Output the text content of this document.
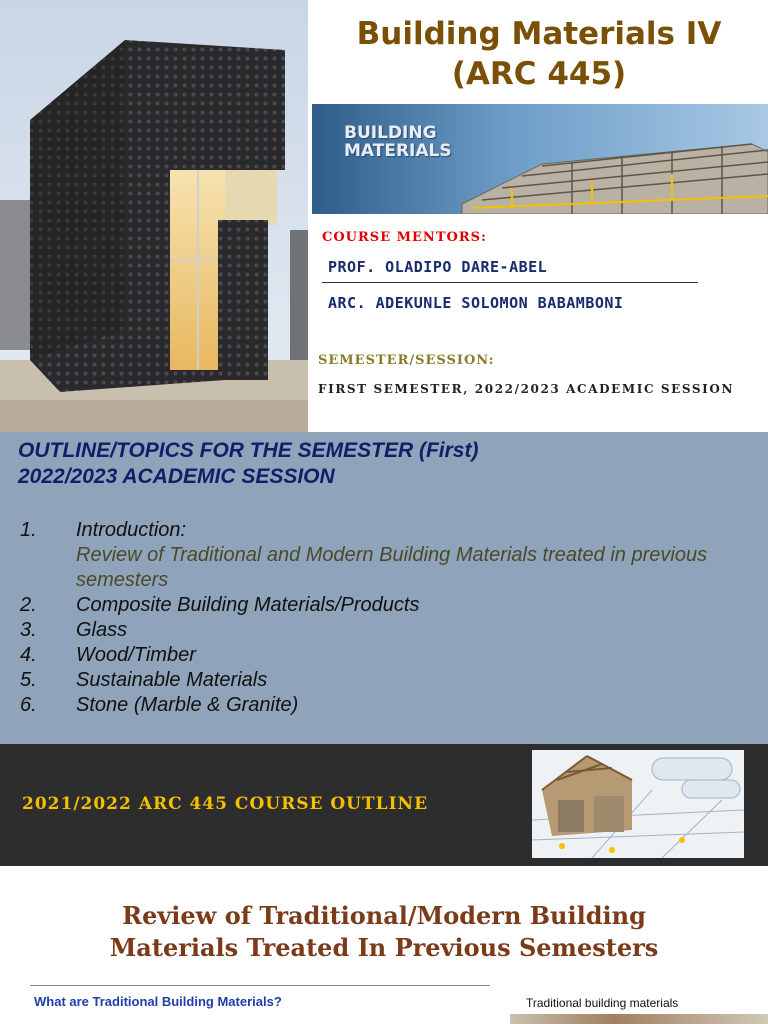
Building Materials IV
(ARC 445)
BUILDING
MATERIALS
COURSE MENTORS:
PROF. OLADIPO DARE-ABEL
ARC. ADEKUNLE SOLOMON BABAMBONI
SEMESTER/SESSION:
FIRST SEMESTER, 2022/2023 ACADEMIC SESSION
OUTLINE/TOPICS FOR THE SEMESTER (First)
2022/2023 ACADEMIC SESSION
1. Introduction:
Review of Traditional and Modern Building Materials treated in previous semesters
2. Composite Building Materials/Products
3. Glass
4. Wood/Timber
5. Sustainable Materials
6. Stone (Marble & Granite)
2021/2022 ARC 445 COURSE OUTLINE
Review of Traditional/Modern Building
Materials Treated In Previous Semesters
What are Traditional Building Materials?	Traditional building materials
